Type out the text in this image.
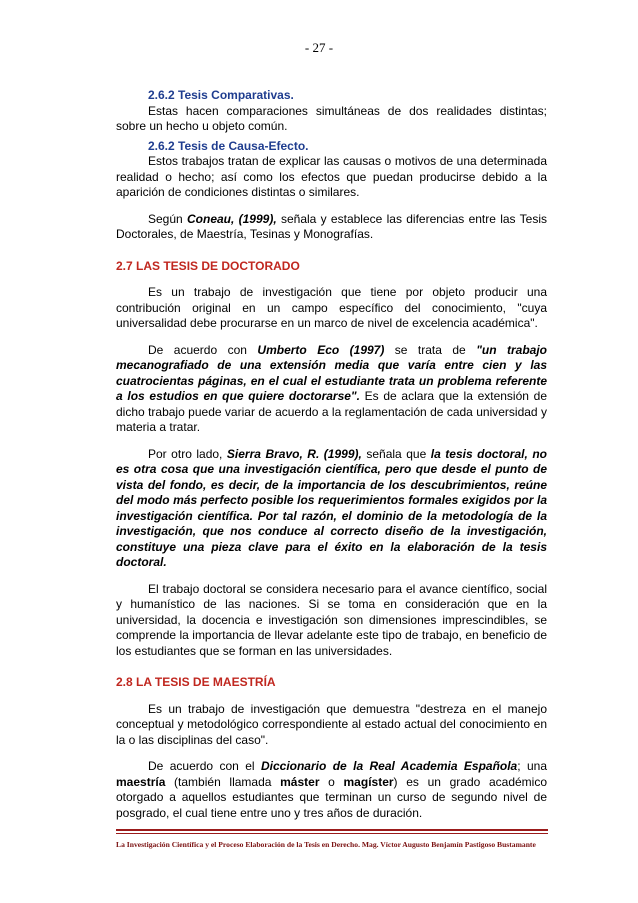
- 27 -

2.6.2 Tesis Comparativas.

Estas hacen comparaciones simultáneas de dos realidades distintas; sobre un hecho u objeto común.

2.6.2 Tesis de Causa-Efecto.

Estos trabajos tratan de explicar las causas o motivos de una determinada realidad o hecho; así como los efectos que puedan producirse debido a la aparición de condiciones distintas o similares.

Según Coneau, (1999), señala y establece las diferencias entre las Tesis Doctorales, de Maestría, Tesinas y Monografías.

2.7 LAS TESIS DE DOCTORADO

Es un trabajo de investigación que tiene por objeto producir una contribución original en un campo específico del conocimiento, "cuya universalidad debe procurarse en un marco de nivel de excelencia académica".

De acuerdo con Umberto Eco (1997) se trata de "un trabajo mecanografiado de una extensión media que varía entre cien y las cuatrocientas páginas, en el cual el estudiante trata un problema referente a los estudios en que quiere doctorarse". Es de aclara que la extensión de dicho trabajo puede variar de acuerdo a la reglamentación de cada universidad y materia a tratar.

Por otro lado, Sierra Bravo, R. (1999), señala que la tesis doctoral, no es otra cosa que una investigación científica, pero que desde el punto de vista del fondo, es decir, de la importancia de los descubrimientos, reúne del modo más perfecto posible los requerimientos formales exigidos por la investigación científica. Por tal razón, el dominio de la metodología de la investigación, que nos conduce al correcto diseño de la investigación, constituye una pieza clave para el éxito en la elaboración de la tesis doctoral.

El trabajo doctoral se considera necesario para el avance científico, social y humanístico de las naciones. Si se toma en consideración que en la universidad, la docencia e investigación son dimensiones imprescindibles, se comprende la importancia de llevar adelante este tipo de trabajo, en beneficio de los estudiantes que se forman en las universidades.

2.8 LA TESIS DE MAESTRÍA

Es un trabajo de investigación que demuestra "destreza en el manejo conceptual y metodológico correspondiente al estado actual del conocimiento en la o las disciplinas del caso".

De acuerdo con el Diccionario de la Real Academia Española; una maestría (también llamada máster o magíster) es un grado académico otorgado a aquellos estudiantes que terminan un curso de segundo nivel de posgrado, el cual tiene entre uno y tres años de duración.

La Investigación Científica y el Proceso Elaboración de la Tesis en Derecho. Mag. Víctor Augusto Benjamín Pastigoso Bustamante
